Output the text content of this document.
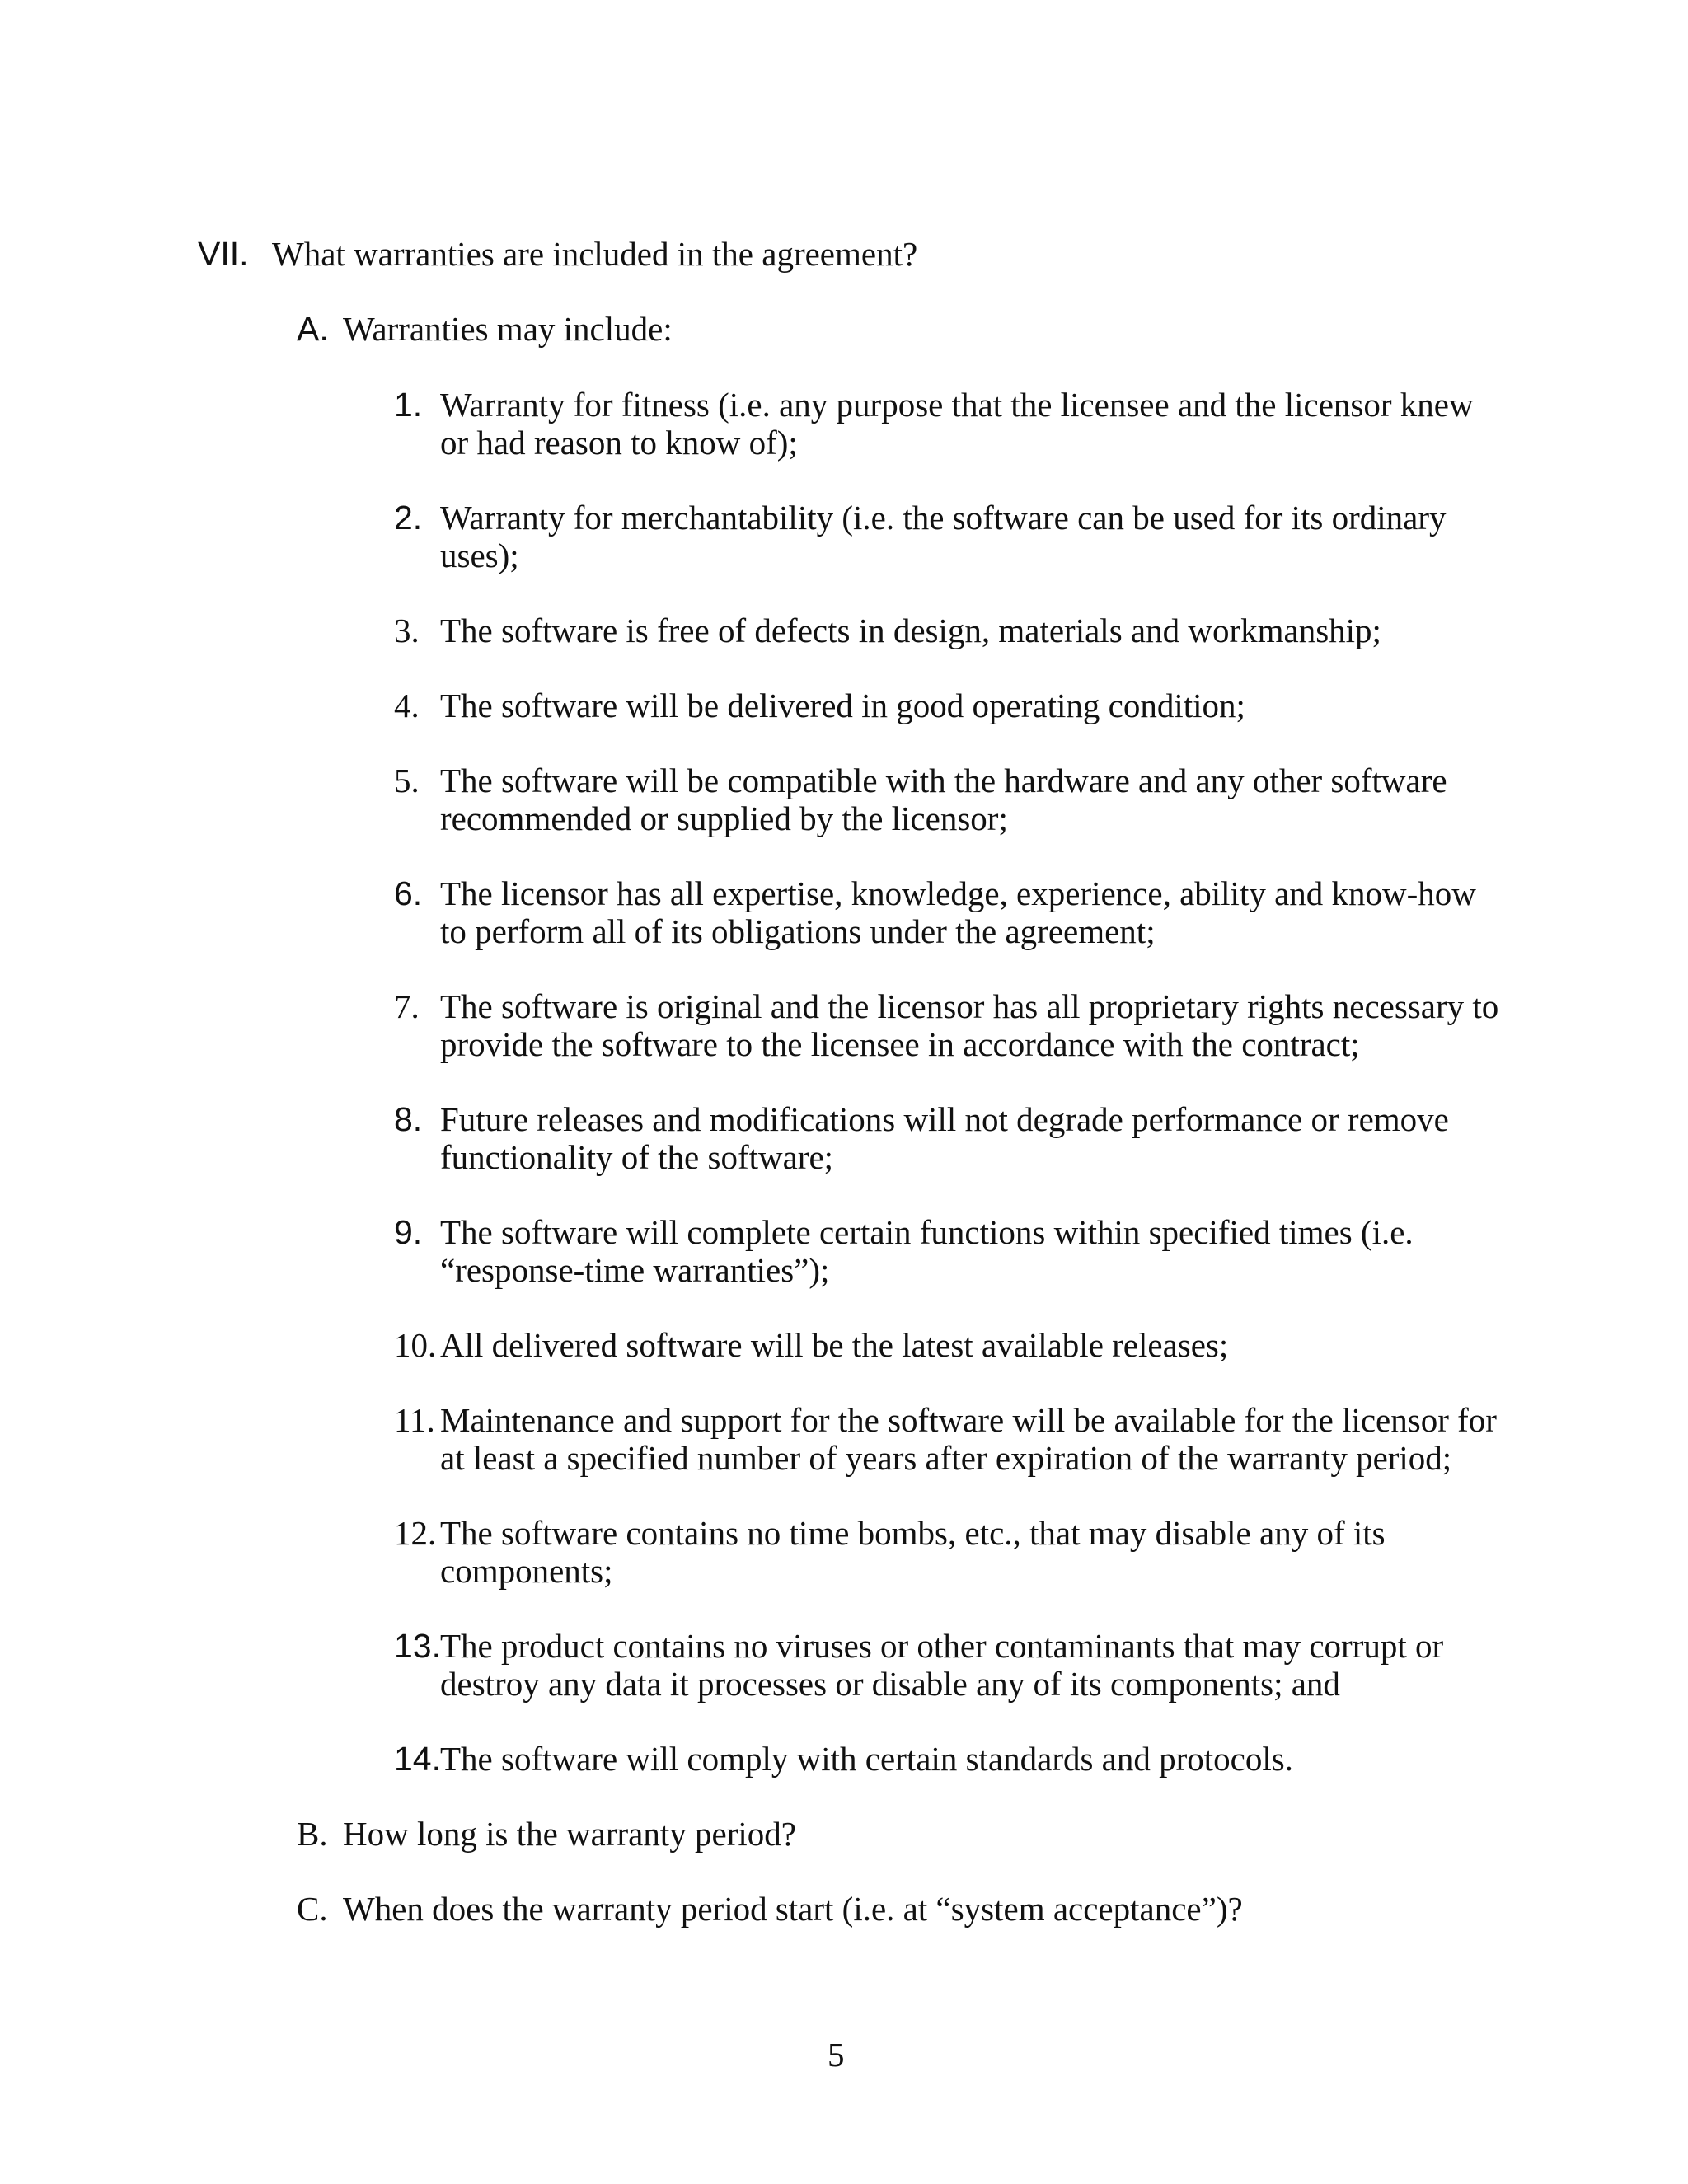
VII. What warranties are included in the agreement?
A. Warranties may include:
1. Warranty for fitness (i.e. any purpose that the licensee and the licensor knew
or had reason to know of);
2. Warranty for merchantability (i.e. the software can be used for its ordinary
uses);
3. The software is free of defects in design, materials and workmanship;
4. The software will be delivered in good operating condition;
5. The software will be compatible with the hardware and any other software
recommended or supplied by the licensor;
6. The licensor has all expertise, knowledge, experience, ability and know-how
to perform all of its obligations under the agreement;
7. The software is original and the licensor has all proprietary rights necessary to
provide the software to the licensee in accordance with the contract;
8. Future releases and modifications will not degrade performance or remove
functionality of the software;
9. The software will complete certain functions within specified times (i.e.
“response-time warranties”);
10. All delivered software will be the latest available releases;
11. Maintenance and support for the software will be available for the licensor for
at least a specified number of years after expiration of the warranty period;
12. The software contains no time bombs, etc., that may disable any of its
components;
13. The product contains no viruses or other contaminants that may corrupt or
destroy any data it processes or disable any of its components; and
14. The software will comply with certain standards and protocols.
B. How long is the warranty period?
C. When does the warranty period start (i.e. at “system acceptance”)?
5
